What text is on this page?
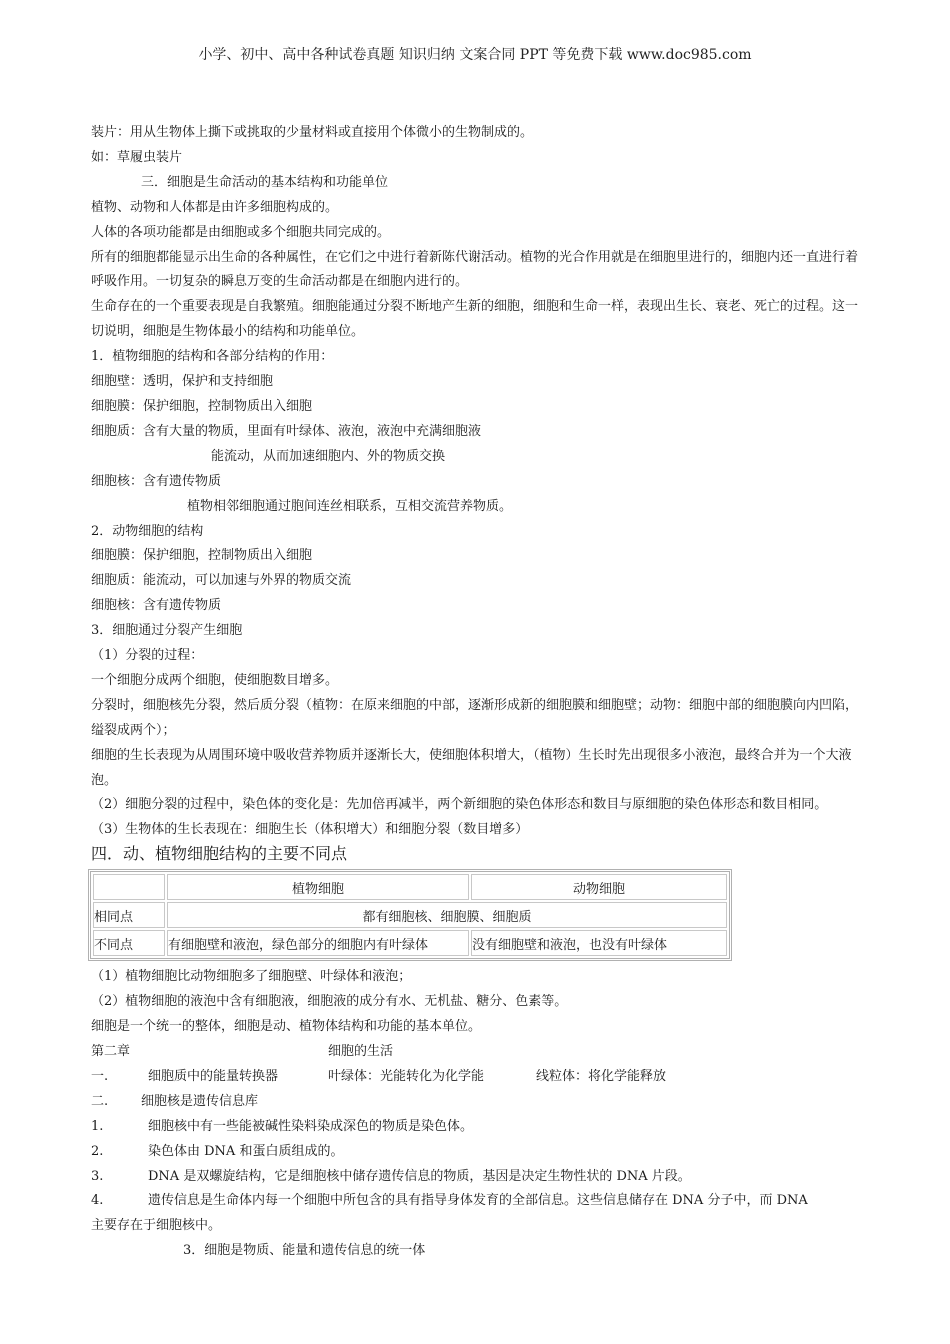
小学、初中、高中各种试卷真题 知识归纳 文案合同 PPT 等免费下载 www.doc985.com
装片：用从生物体上撕下或挑取的少量材料或直接用个体微小的生物制成的。
如：草履虫装片
三．细胞是生命活动的基本结构和功能单位
植物、动物和人体都是由许多细胞构成的。
人体的各项功能都是由细胞或多个细胞共同完成的。
所有的细胞都能显示出生命的各种属性，在它们之中进行着新陈代谢活动。植物的光合作用就是在细胞里进行的，细胞内还一直进行着呼吸作用。一切复杂的瞬息万变的生命活动都是在细胞内进行的。
生命存在的一个重要表现是自我繁殖。细胞能通过分裂不断地产生新的细胞，细胞和生命一样，表现出生长、衰老、死亡的过程。这一切说明，细胞是生物体最小的结构和功能单位。
1．植物细胞的结构和各部分结构的作用：
细胞壁：透明，保护和支持细胞
细胞膜：保护细胞，控制物质出入细胞
细胞质：含有大量的物质，里面有叶绿体、液泡，液泡中充满细胞液
能流动，从而加速细胞内、外的物质交换
细胞核：含有遗传物质
植物相邻细胞通过胞间连丝相联系，互相交流营养物质。
2．动物细胞的结构
细胞膜：保护细胞，控制物质出入细胞
细胞质：能流动，可以加速与外界的物质交流
细胞核：含有遗传物质
3．细胞通过分裂产生细胞
（1）分裂的过程：
一个细胞分成两个细胞，使细胞数目增多。
分裂时，细胞核先分裂，然后质分裂（植物：在原来细胞的中部，逐渐形成新的细胞膜和细胞壁；动物：细胞中部的细胞膜向内凹陷，缢裂成两个）；
细胞的生长表现为从周围环境中吸收营养物质并逐渐长大，使细胞体积增大，（植物）生长时先出现很多小液泡，最终合并为一个大液泡。
（2）细胞分裂的过程中，染色体的变化是：先加倍再减半，两个新细胞的染色体形态和数目与原细胞的染色体形态和数目相同。
（3）生物体的生长表现在：细胞生长（体积增大）和细胞分裂（数目增多）
四．动、植物细胞结构的主要不同点
	植物细胞	动物细胞
相同点	都有细胞核、细胞膜、细胞质	
不同点	有细胞壁和液泡，绿色部分的细胞内有叶绿体	没有细胞壁和液泡，也没有叶绿体
（1）植物细胞比动物细胞多了细胞壁、叶绿体和液泡；
（2）植物细胞的液泡中含有细胞液，细胞液的成分有水、无机盐、糖分、色素等。
细胞是一个统一的整体，细胞是动、植物体结构和功能的基本单位。
第二章	细胞的生活
一.	细胞质中的能量转换器	叶绿体：光能转化为化学能	线粒体：将化学能释放
二.	细胞核是遗传信息库
1.	细胞核中有一些能被碱性染料染成深色的物质是染色体。
2.	染色体由 DNA 和蛋白质组成的。
3.	DNA 是双螺旋结构，它是细胞核中储存遗传信息的物质，基因是决定生物性状的 DNA 片段。
4.	遗传信息是生命体内每一个细胞中所包含的具有指导身体发育的全部信息。这些信息储存在 DNA 分子中，而 DNA
主要存在于细胞核中。
3．细胞是物质、能量和遗传信息的统一体
